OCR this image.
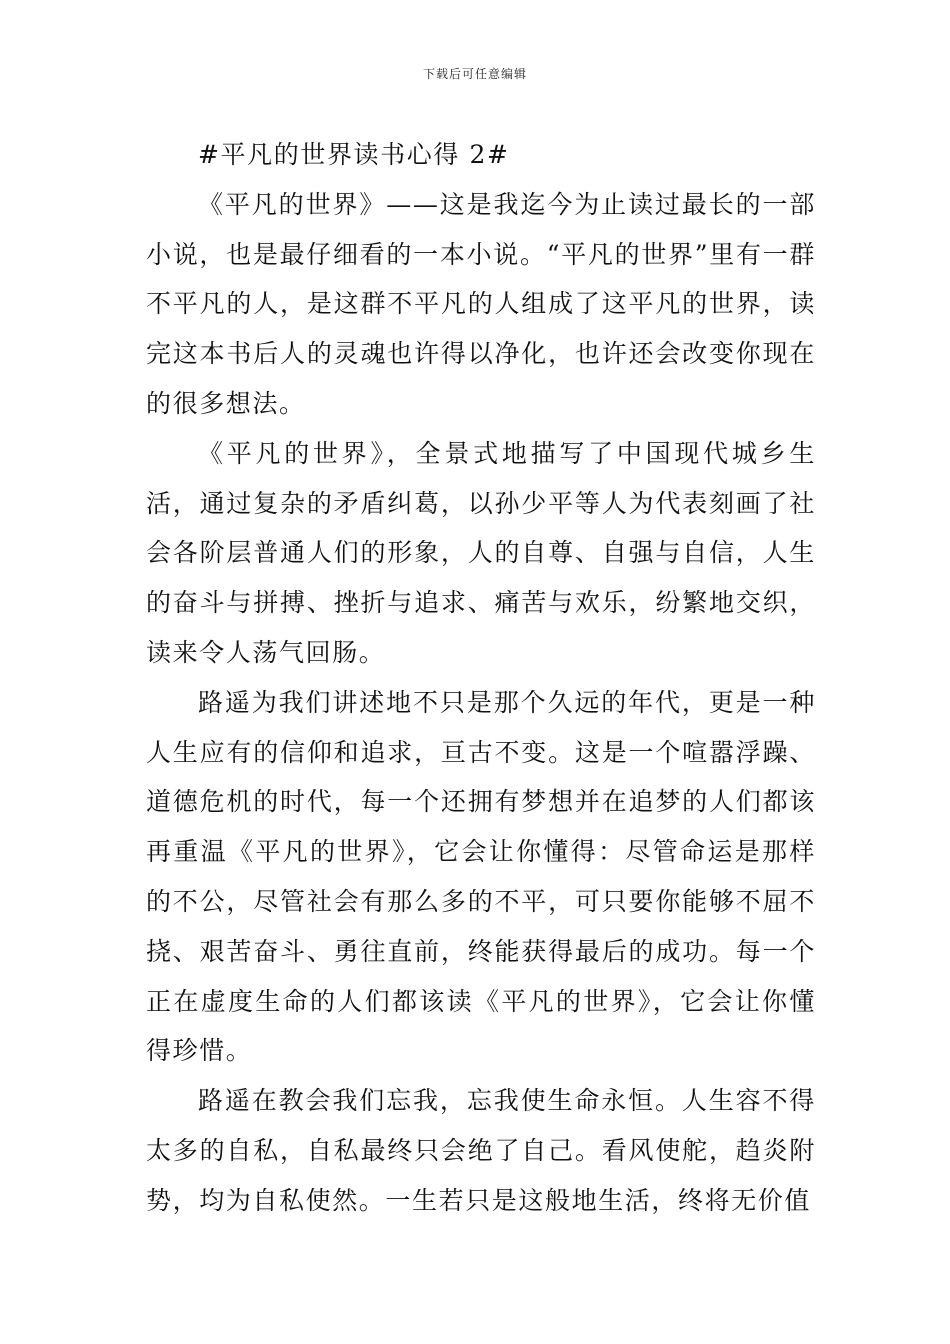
下载后可任意编辑

#平凡的世界读书心得 2#

《平凡的世界》——这是我迄今为止读过最长的一部小说，也是最仔细看的一本小说。“平凡的世界”里有一群不平凡的人，是这群不平凡的人组成了这平凡的世界，读完这本书后人的灵魂也许得以净化，也许还会改变你现在的很多想法。

《平凡的世界》，全景式地描写了中国现代城乡生活，通过复杂的矛盾纠葛，以孙少平等人为代表刻画了社会各阶层普通人们的形象，人的自尊、自强与自信，人生的奋斗与拼搏、挫折与追求、痛苦与欢乐，纷繁地交织，读来令人荡气回肠。

路遥为我们讲述地不只是那个久远的年代，更是一种人生应有的信仰和追求，亘古不变。这是一个喧嚣浮躁、道德危机的时代，每一个还拥有梦想并在追梦的人们都该再重温《平凡的世界》，它会让你懂得：尽管命运是那样的不公，尽管社会有那么多的不平，可只要你能够不屈不挠、艰苦奋斗、勇往直前，终能获得最后的成功。每一个正在虚度生命的人们都该读《平凡的世界》，它会让你懂得珍惜。

路遥在教会我们忘我，忘我使生命永恒。人生容不得太多的自私，自私最终只会绝了自己。看风使舵，趋炎附势，均为自私使然。一生若只是这般地生活，终将无价值
